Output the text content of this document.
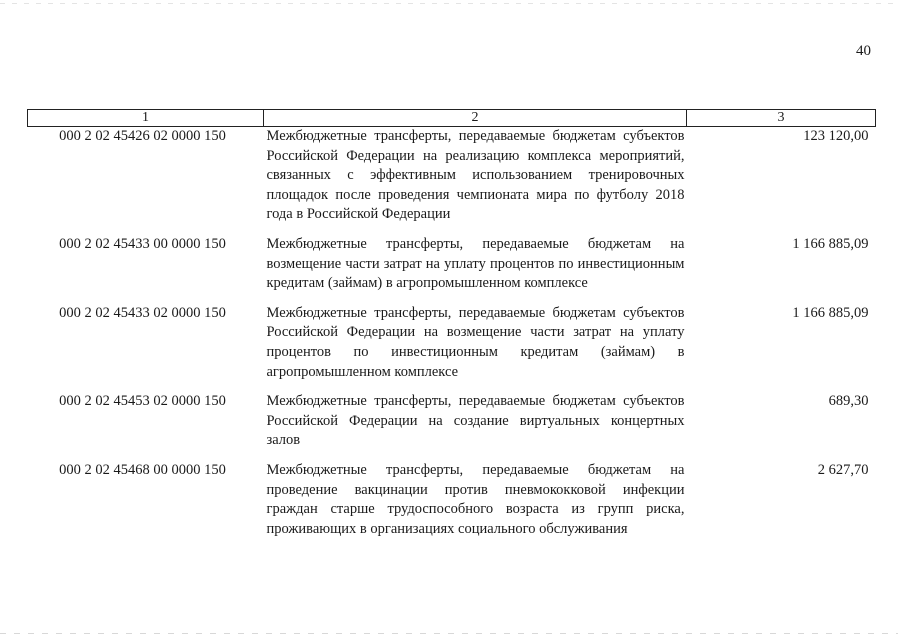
40
1	2	3
000 2 02 45426 02 0000 150	Межбюджетные трансферты, передаваемые бюджетам субъектов Российской Федерации на реализацию комплекса мероприятий, связанных с эффективным использованием тренировочных площадок после проведения чемпионата мира по футболу 2018 года в Российской Федерации	123 120,00
000 2 02 45433 00 0000 150	Межбюджетные трансферты, передаваемые бюджетам на возмещение части затрат на уплату процентов по инвестиционным кредитам (займам) в агропромышленном комплексе	1 166 885,09
000 2 02 45433 02 0000 150	Межбюджетные трансферты, передаваемые бюджетам субъектов Российской Федерации на возмещение части затрат на уплату процентов по инвестиционным кредитам (займам) в агропромышленном комплексе	1 166 885,09
000 2 02 45453 02 0000 150	Межбюджетные трансферты, передаваемые бюджетам субъектов Российской Федерации на создание виртуальных концертных залов	689,30
000 2 02 45468 00 0000 150	Межбюджетные трансферты, передаваемые бюджетам на проведение вакцинации против пневмококковой инфекции граждан старше трудоспособного возраста из групп риска, проживающих в организациях социального обслуживания	2 627,70
